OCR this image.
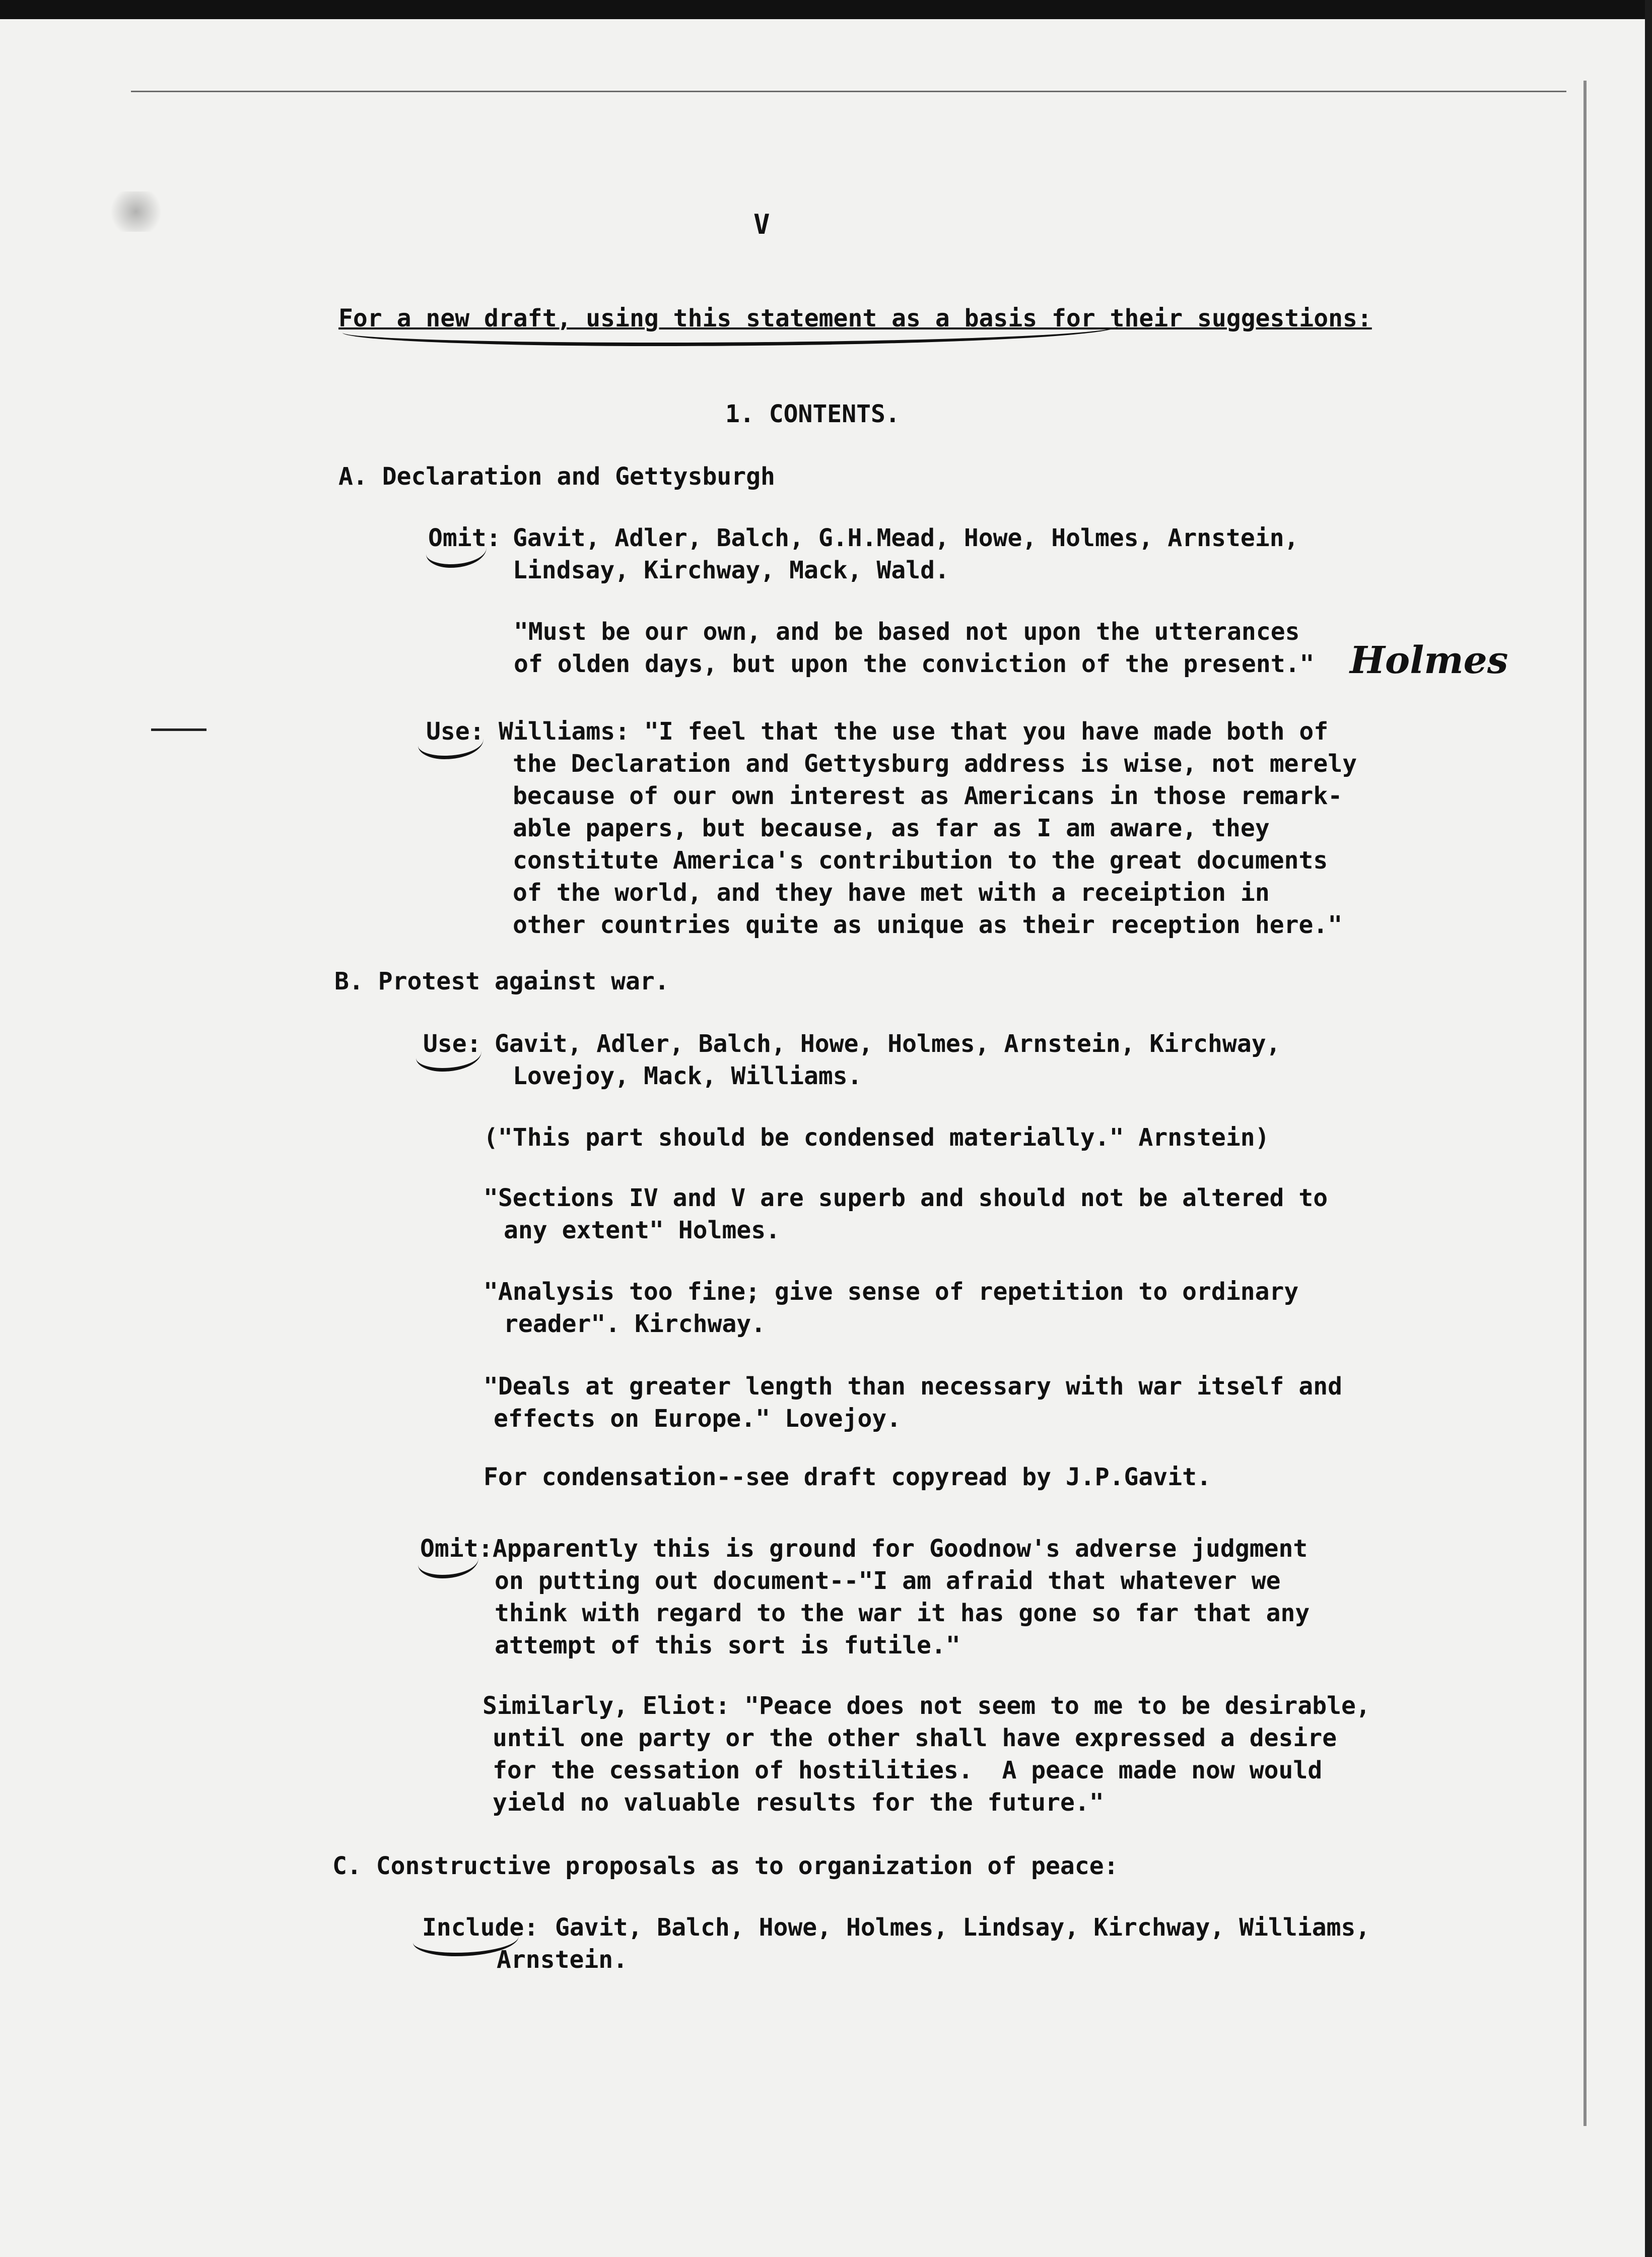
V
For a new draft, using this statement as a basis for their suggestions:
1. CONTENTS.
A. Declaration and Gettysburgh
Omit: Gavit, Adler, Balch, G.H.Mead, Howe, Holmes, Arnstein,
Lindsay, Kirchway, Mack, Wald.
"Must be our own, and be based not upon the utterances
of olden days, but upon the conviction of the present." Holmes
Use: Williams: "I feel that the use that you have made both of
the Declaration and Gettysburg address is wise, not merely
because of our own interest as Americans in those remark-
able papers, but because, as far as I am aware, they
constitute America's contribution to the great documents
of the world, and they have met with a receiption in
other countries quite as unique as their reception here."
B. Protest against war.
Use: Gavit, Adler, Balch, Howe, Holmes, Arnstein, Kirchway,
Lovejoy, Mack, Williams.
("This part should be condensed materially." Arnstein)
"Sections IV and V are superb and should not be altered to
any extent" Holmes.
"Analysis too fine; give sense of repetition to ordinary
reader". Kirchway.
"Deals at greater length than necessary with war itself and
effects on Europe." Lovejoy.
For condensation--see draft copyread by J.P.Gavit.
Omit: Apparently this is ground for Goodnow's adverse judgment
on putting out document--"I am afraid that whatever we
think with regard to the war it has gone so far that any
attempt of this sort is futile."
Similarly, Eliot: "Peace does not seem to me to be desirable,
until one party or the other shall have expressed a desire
for the cessation of hostilities.  A peace made now would
yield no valuable results for the future."
C. Constructive proposals as to organization of peace:
Include: Gavit, Balch, Howe, Holmes, Lindsay, Kirchway, Williams,
Arnstein.
